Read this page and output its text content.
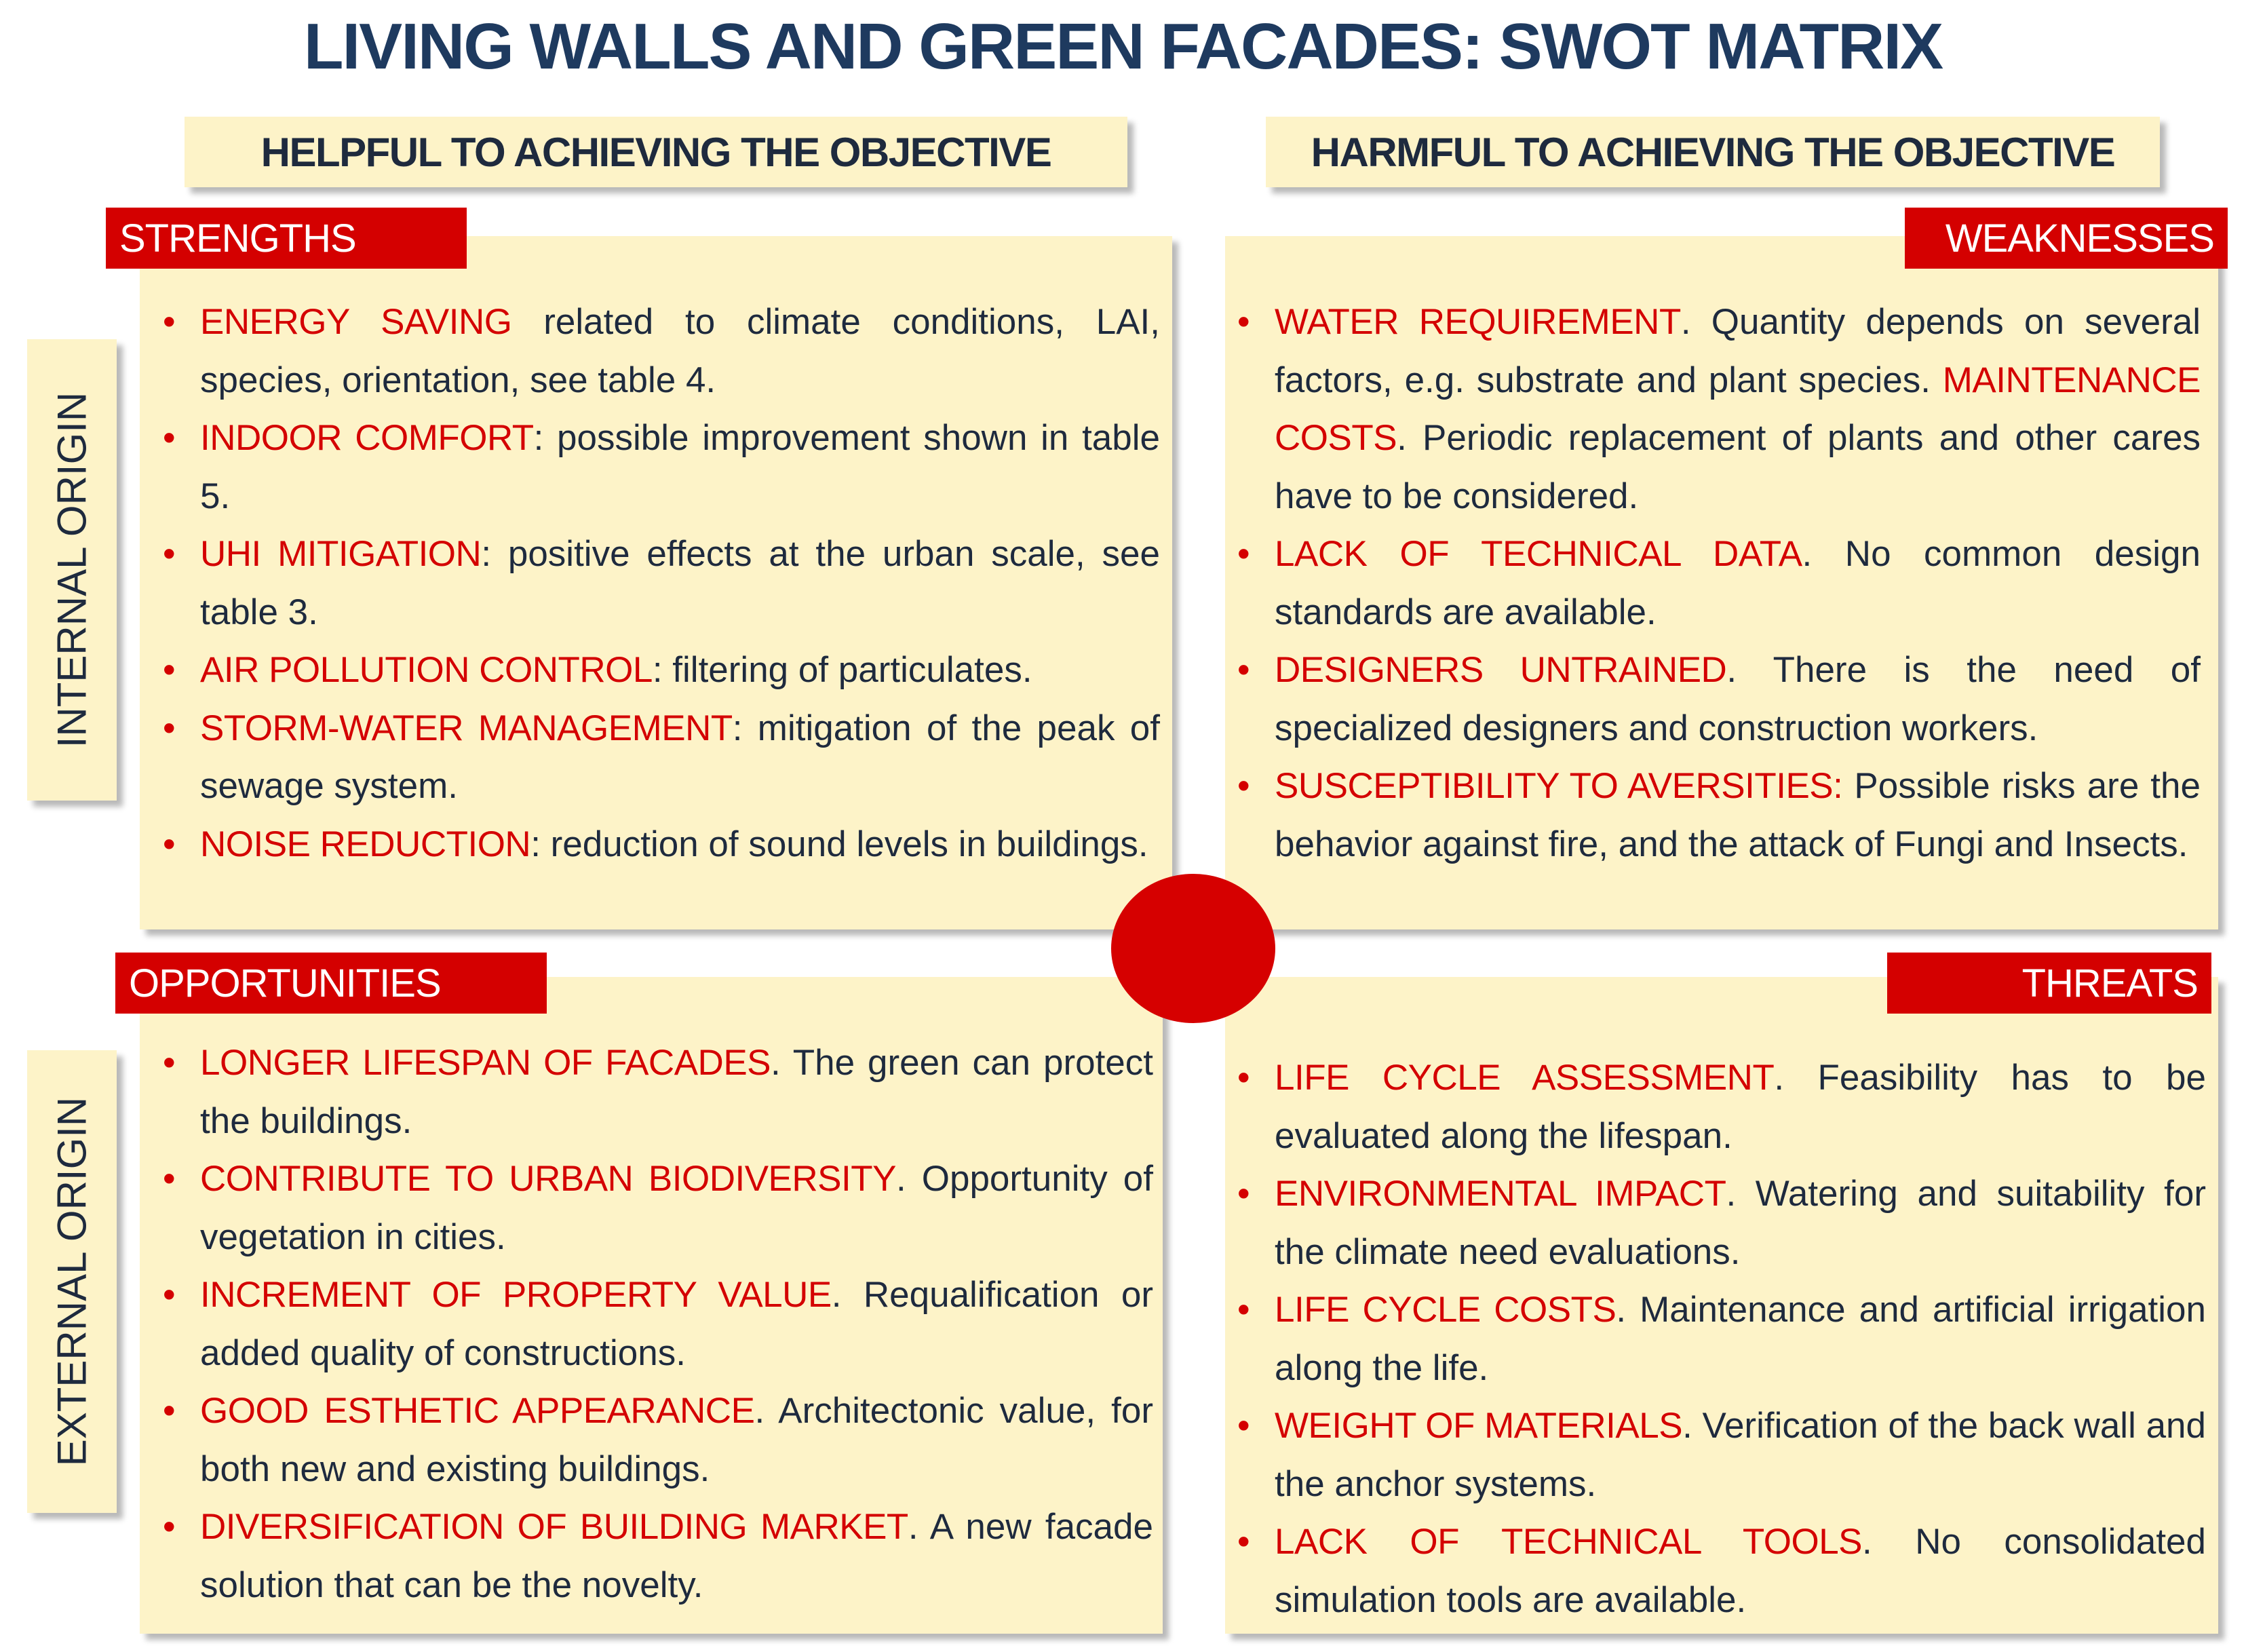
LIVING WALLS AND GREEN FACADES: SWOT MATRIX
HELPFUL TO ACHIEVING THE OBJECTIVE	HARMFUL TO ACHIEVING THE OBJECTIVE
INTERNAL ORIGIN
EXTERNAL ORIGIN
STRENGTHS
• ENERGY SAVING related to climate conditions, LAI, species, orientation, see table 4.
• INDOOR COMFORT: possible improvement shown in table 5.
• UHI MITIGATION: positive effects at the urban scale, see table 3.
• AIR POLLUTION CONTROL: filtering of particulates.
• STORM-WATER MANAGEMENT: mitigation of the peak of sewage system.
• NOISE REDUCTION: reduction of sound levels in buildings.
WEAKNESSES
• WATER REQUIREMENT. Quantity depends on several factors, e.g. substrate and plant species. MAINTENANCE COSTS. Periodic replacement of plants and other cares have to be considered.
• LACK OF TECHNICAL DATA. No common design standards are available.
• DESIGNERS UNTRAINED. There is the need of specialized designers and construction workers.
• SUSCEPTIBILITY TO AVERSITIES: Possible risks are the behavior against fire, and the attack of Fungi and Insects.
OPPORTUNITIES
• LONGER LIFESPAN OF FACADES. The green can protect the buildings.
• CONTRIBUTE TO URBAN BIODIVERSITY. Opportunity of vegetation in cities.
• INCREMENT OF PROPERTY VALUE. Requalification or added quality of constructions.
• GOOD ESTHETIC APPEARANCE. Architectonic value, for both new and existing buildings.
• DIVERSIFICATION OF BUILDING MARKET. A new facade solution that can be the novelty.
THREATS
• LIFE CYCLE ASSESSMENT. Feasibility has to be evaluated along the lifespan.
• ENVIRONMENTAL IMPACT. Watering and suitability for the climate need evaluations.
• LIFE CYCLE COSTS. Maintenance and artificial irrigation along the life.
• WEIGHT OF MATERIALS. Verification of the back wall and the anchor systems.
• LACK OF TECHNICAL TOOLS. No consolidated simulation tools are available.
